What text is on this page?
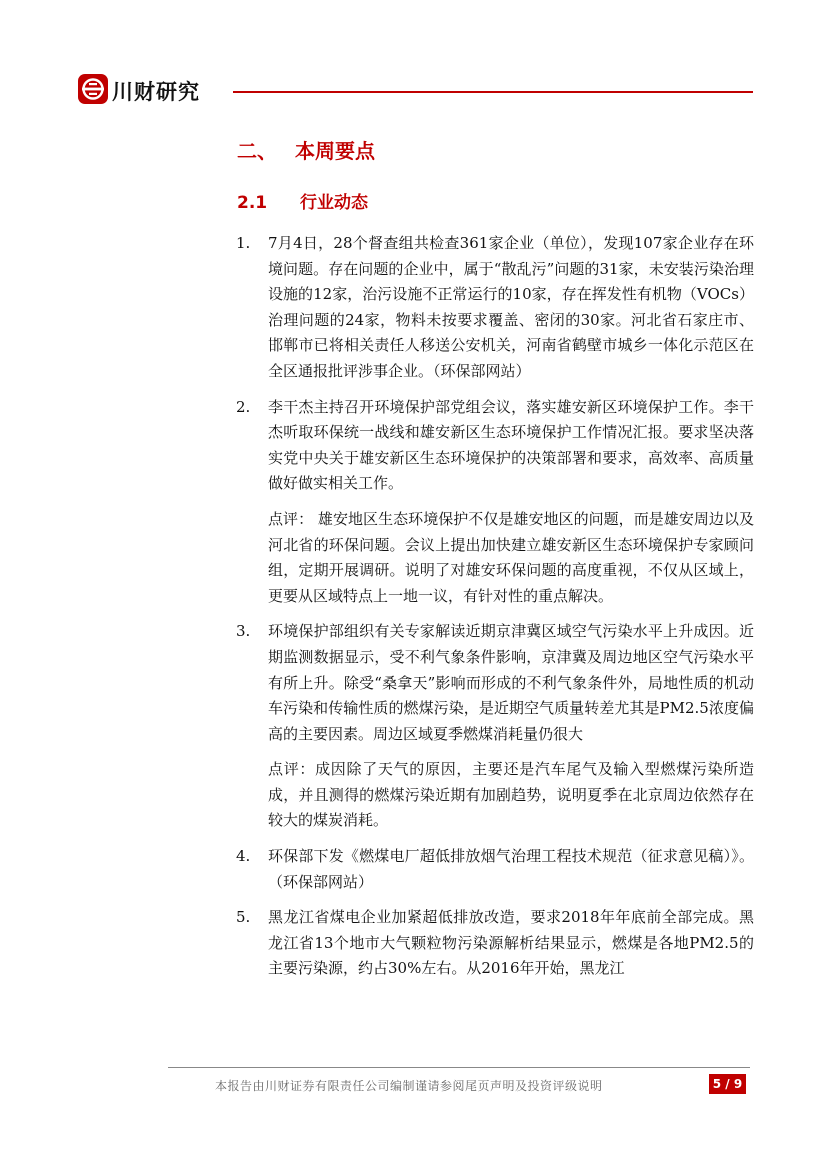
川财研究
二、 本周要点
2.1 行业动态
1. 7月4日，28个督查组共检查361家企业（单位），发现107家企业存在环境问题。存在问题的企业中，属于“散乱污”问题的31家，未安装污染治理设施的12家，治污设施不正常运行的10家，存在挥发性有机物（VOCs）治理问题的24家，物料未按要求覆盖、密闭的30家。河北省石家庄市、邯郸市已将相关责任人移送公安机关，河南省鹤壁市城乡一体化示范区在全区通报批评涉事企业。（环保部网站）

2. 李干杰主持召开环境保护部党组会议，落实雄安新区环境保护工作。李干杰听取环保统一战线和雄安新区生态环境保护工作情况汇报。要求坚决落实党中央关于雄安新区生态环境保护的决策部署和要求，高效率、高质量做好做实相关工作。

点评： 雄安地区生态环境保护不仅是雄安地区的问题，而是雄安周边以及河北省的环保问题。会议上提出加快建立雄安新区生态环境保护专家顾问组，定期开展调研。说明了对雄安环保问题的高度重视，不仅从区域上，更要从区域特点上一地一议，有针对性的重点解决。

3. 环境保护部组织有关专家解读近期京津冀区域空气污染水平上升成因。近期监测数据显示，受不利气象条件影响，京津冀及周边地区空气污染水平有所上升。除受“桑拿天”影响而形成的不利气象条件外，局地性质的机动车污染和传输性质的燃煤污染，是近期空气质量转差尤其是PM2.5浓度偏高的主要因素。周边区域夏季燃煤消耗量仍很大

点评：成因除了天气的原因，主要还是汽车尾气及输入型燃煤污染所造成，并且测得的燃煤污染近期有加剧趋势，说明夏季在北京周边依然存在较大的煤炭消耗。

4. 环保部下发《燃煤电厂超低排放烟气治理工程技术规范（征求意见稿）》。（环保部网站）

5. 黑龙江省煤电企业加紧超低排放改造，要求2018年年底前全部完成。黑龙江省13个地市大气颗粒物污染源解析结果显示，燃煤是各地PM2.5的主要污染源，约占30%左右。从2016年开始，黑龙江

本报告由川财证券有限责任公司编制谨请参阅尾页声明及投资评级说明	5 / 9
